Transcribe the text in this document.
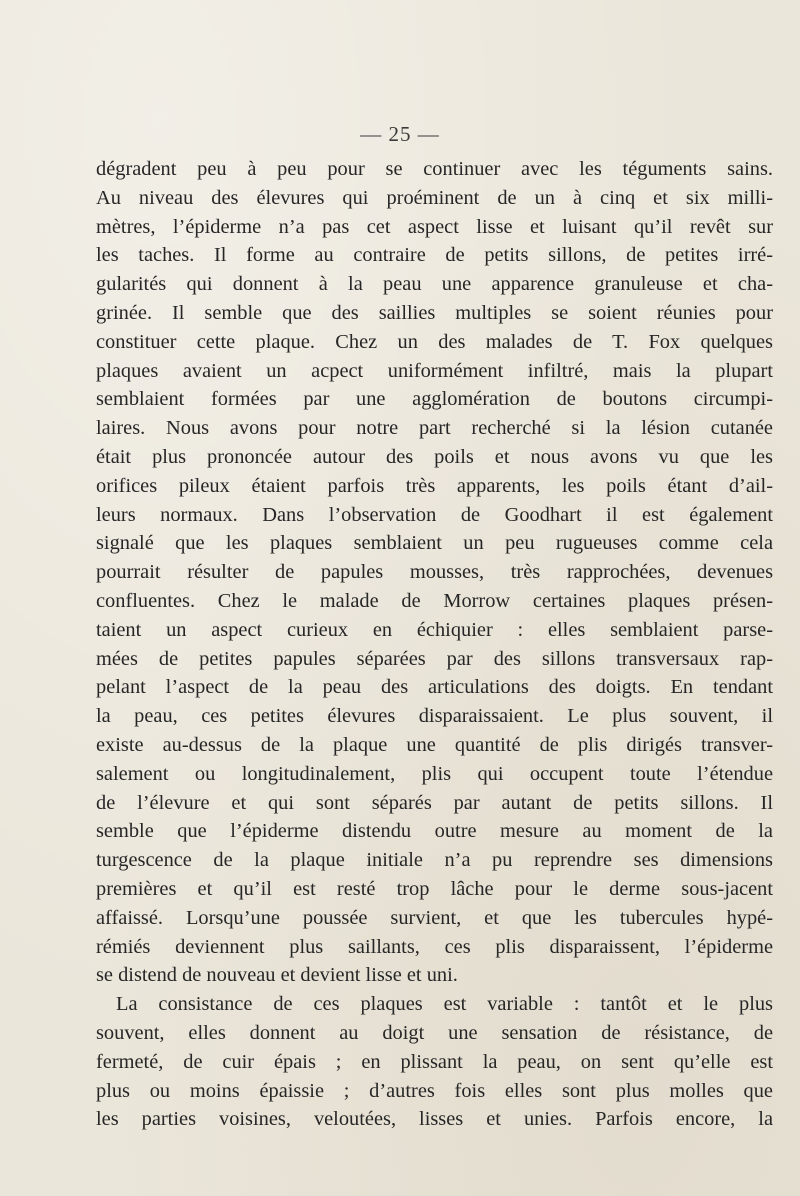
— 25 —
dégradent peu à peu pour se continuer avec les téguments sains.
Au niveau des élevures qui proéminent de un à cinq et six milli-
mètres, l’épiderme n’a pas cet aspect lisse et luisant qu’il revêt sur
les taches. Il forme au contraire de petits sillons, de petites irré-
gularités qui donnent à la peau une apparence granuleuse et cha-
grinée. Il semble que des saillies multiples se soient réunies pour
constituer cette plaque. Chez un des malades de T. Fox quelques
plaques avaient un acpect uniformément infiltré, mais la plupart
semblaient formées par une agglomération de boutons circumpi-
laires. Nous avons pour notre part recherché si la lésion cutanée
était plus prononcée autour des poils et nous avons vu que les
orifices pileux étaient parfois très apparents, les poils étant d’ail-
leurs normaux. Dans l’observation de Goodhart il est également
signalé que les plaques semblaient un peu rugueuses comme cela
pourrait résulter de papules mousses, très rapprochées, devenues
confluentes. Chez le malade de Morrow certaines plaques présen-
taient un aspect curieux en échiquier : elles semblaient parse-
mées de petites papules séparées par des sillons transversaux rap-
pelant l’aspect de la peau des articulations des doigts. En tendant
la peau, ces petites élevures disparaissaient. Le plus souvent, il
existe au-dessus de la plaque une quantité de plis dirigés transver-
salement ou longitudinalement, plis qui occupent toute l’étendue
de l’élevure et qui sont séparés par autant de petits sillons. Il
semble que l’épiderme distendu outre mesure au moment de la
turgescence de la plaque initiale n’a pu reprendre ses dimensions
premières et qu’il est resté trop lâche pour le derme sous-jacent
affaissé. Lorsqu’une poussée survient, et que les tubercules hypé-
rémiés deviennent plus saillants, ces plis disparaissent, l’épiderme
se distend de nouveau et devient lisse et uni.
La consistance de ces plaques est variable : tantôt et le plus
souvent, elles donnent au doigt une sensation de résistance, de
fermeté, de cuir épais ; en plissant la peau, on sent qu’elle est
plus ou moins épaissie ; d’autres fois elles sont plus molles que
les parties voisines, veloutées, lisses et unies. Parfois encore, la
